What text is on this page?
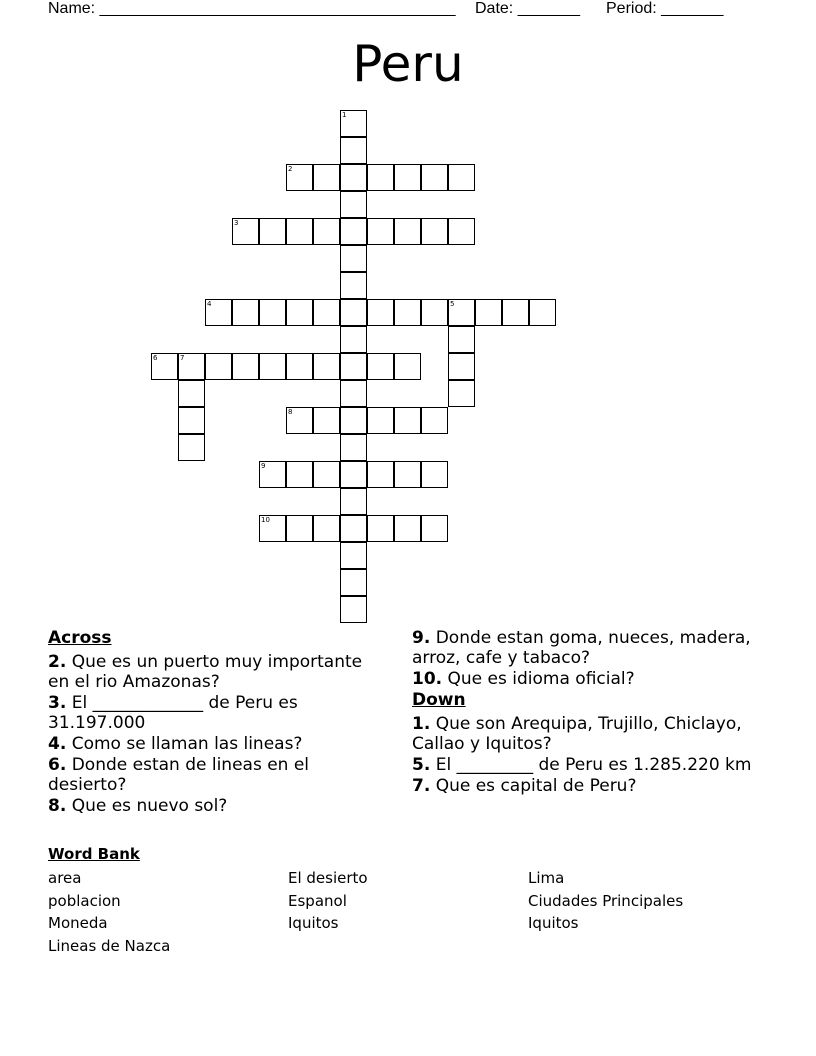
Name: ________________________________________

Date: _______

Period: _______

Peru
1
2
3
4	5
6	7
8
9
10
Across
2. Que es un puerto muy importante en el rio Amazonas?
3. El _____________ de Peru es 31.197.000
4. Como se llaman las lineas?
6. Donde estan de lineas en el desierto?
8. Que es nuevo sol?
9. Donde estan goma, nueces, madera, arroz, cafe y tabaco?
10. Que es idioma oficial?
Down
1. Que son Arequipa, Trujillo, Chiclayo, Callao y Iquitos?
5. El _________ de Peru es 1.285.220 km
7. Que es capital de Peru?
Word Bank
area	El desierto	Lima
poblacion	Espanol	Ciudades Principales
Moneda	Iquitos	Iquitos
Lineas de Nazca
